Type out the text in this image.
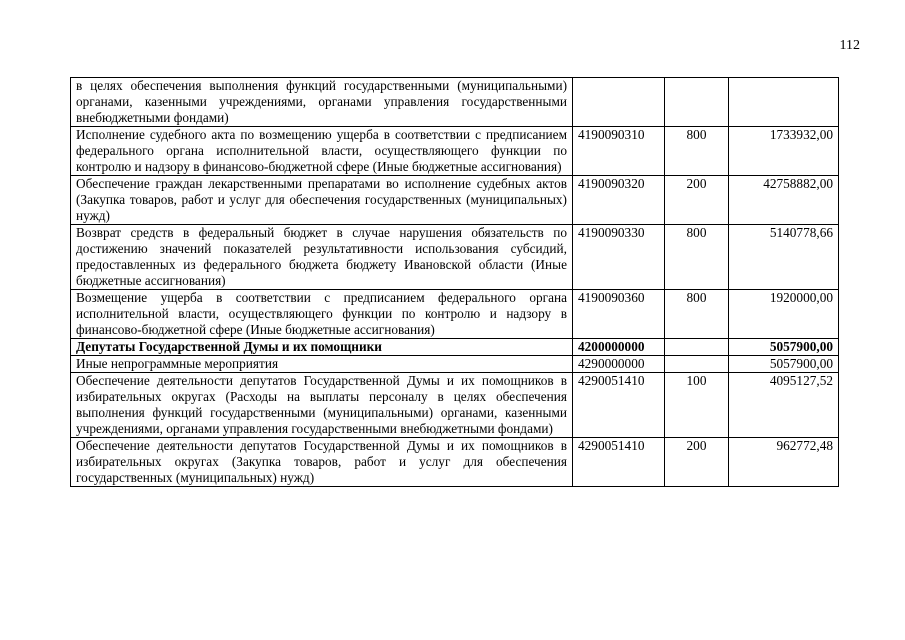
112
в целях обеспечения выполнения функций государственными (муниципальными) органами, казенными учреждениями, органами управления государственными внебюджетными фондами)			
Исполнение судебного акта по возмещению ущерба в соответствии с предписанием федерального органа исполнительной власти, осуществляющего функции по контролю и надзору в финансово-бюджетной сфере (Иные бюджетные ассигнования)	4190090310	800	1733932,00
Обеспечение граждан лекарственными препаратами во исполнение судебных актов (Закупка товаров, работ и услуг для обеспечения государственных (муниципальных) нужд)	4190090320	200	42758882,00
Возврат средств в федеральный бюджет в случае нарушения обязательств по достижению значений показателей результативности использования субсидий, предоставленных из федерального бюджета бюджету Ивановской области (Иные бюджетные ассигнования)	4190090330	800	5140778,66
Возмещение ущерба в соответствии с предписанием федерального органа исполнительной власти, осуществляющего функции по контролю и надзору в финансово-бюджетной сфере (Иные бюджетные ассигнования)	4190090360	800	1920000,00
Депутаты Государственной Думы и их помощники	4200000000		5057900,00
Иные непрограммные мероприятия	4290000000		5057900,00
Обеспечение деятельности депутатов Государственной Думы и их помощников в избирательных округах (Расходы на выплаты персоналу в целях обеспечения выполнения функций государственными (муниципальными) органами, казенными учреждениями, органами управления государственными внебюджетными фондами)	4290051410	100	4095127,52
Обеспечение деятельности депутатов Государственной Думы и их помощников в избирательных округах (Закупка товаров, работ и услуг для обеспечения государственных (муниципальных) нужд)	4290051410	200	962772,48
